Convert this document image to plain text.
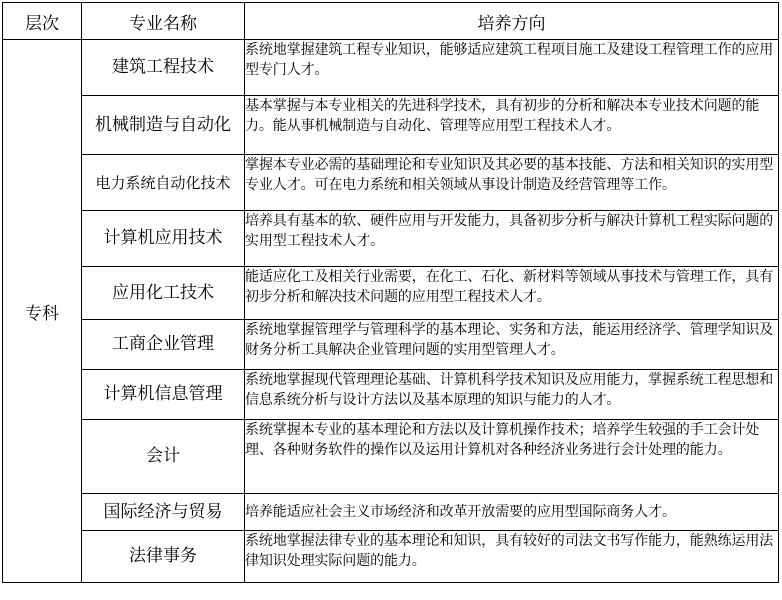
层次	专业名称	培养方向
专科	建筑工程技术	系统地掌握建筑工程专业知识，能够适应建筑工程项目施工及建设工程管理工作的应用型专门人才。
	机械制造与自动化	基本掌握与本专业相关的先进科学技术，具有初步的分析和解决本专业技术问题的能力。能从事机械制造与自动化、管理等应用型工程技术人才。
	电力系统自动化技术	掌握本专业必需的基础理论和专业知识及其必要的基本技能、方法和相关知识的实用型专业人才。可在电力系统和相关领域从事设计制造及经营管理等工作。
	计算机应用技术	培养具有基本的软、硬件应用与开发能力，具备初步分析与解决计算机工程实际问题的实用型工程技术人才。
	应用化工技术	能适应化工及相关行业需要，在化工、石化、新材料等领域从事技术与管理工作，具有初步分析和解决技术问题的应用型工程技术人才。
	工商企业管理	系统地掌握管理学与管理科学的基本理论、实务和方法，能运用经济学、管理学知识及财务分析工具解决企业管理问题的实用型管理人才。
	计算机信息管理	系统地掌握现代管理理论基础、计算机科学技术知识及应用能力，掌握系统工程思想和信息系统分析与设计方法以及基本原理的知识与能力的人才。
	会计	系统掌握本专业的基本理论和方法以及计算机操作技术；培养学生较强的手工会计处理、各种财务软件的操作以及运用计算机对各种经济业务进行会计处理的能力。
	国际经济与贸易	培养能适应社会主义市场经济和改革开放需要的应用型国际商务人才。
	法律事务	系统地掌握法律专业的基本理论和知识，具有较好的司法文书写作能力，能熟练运用法律知识处理实际问题的能力。
